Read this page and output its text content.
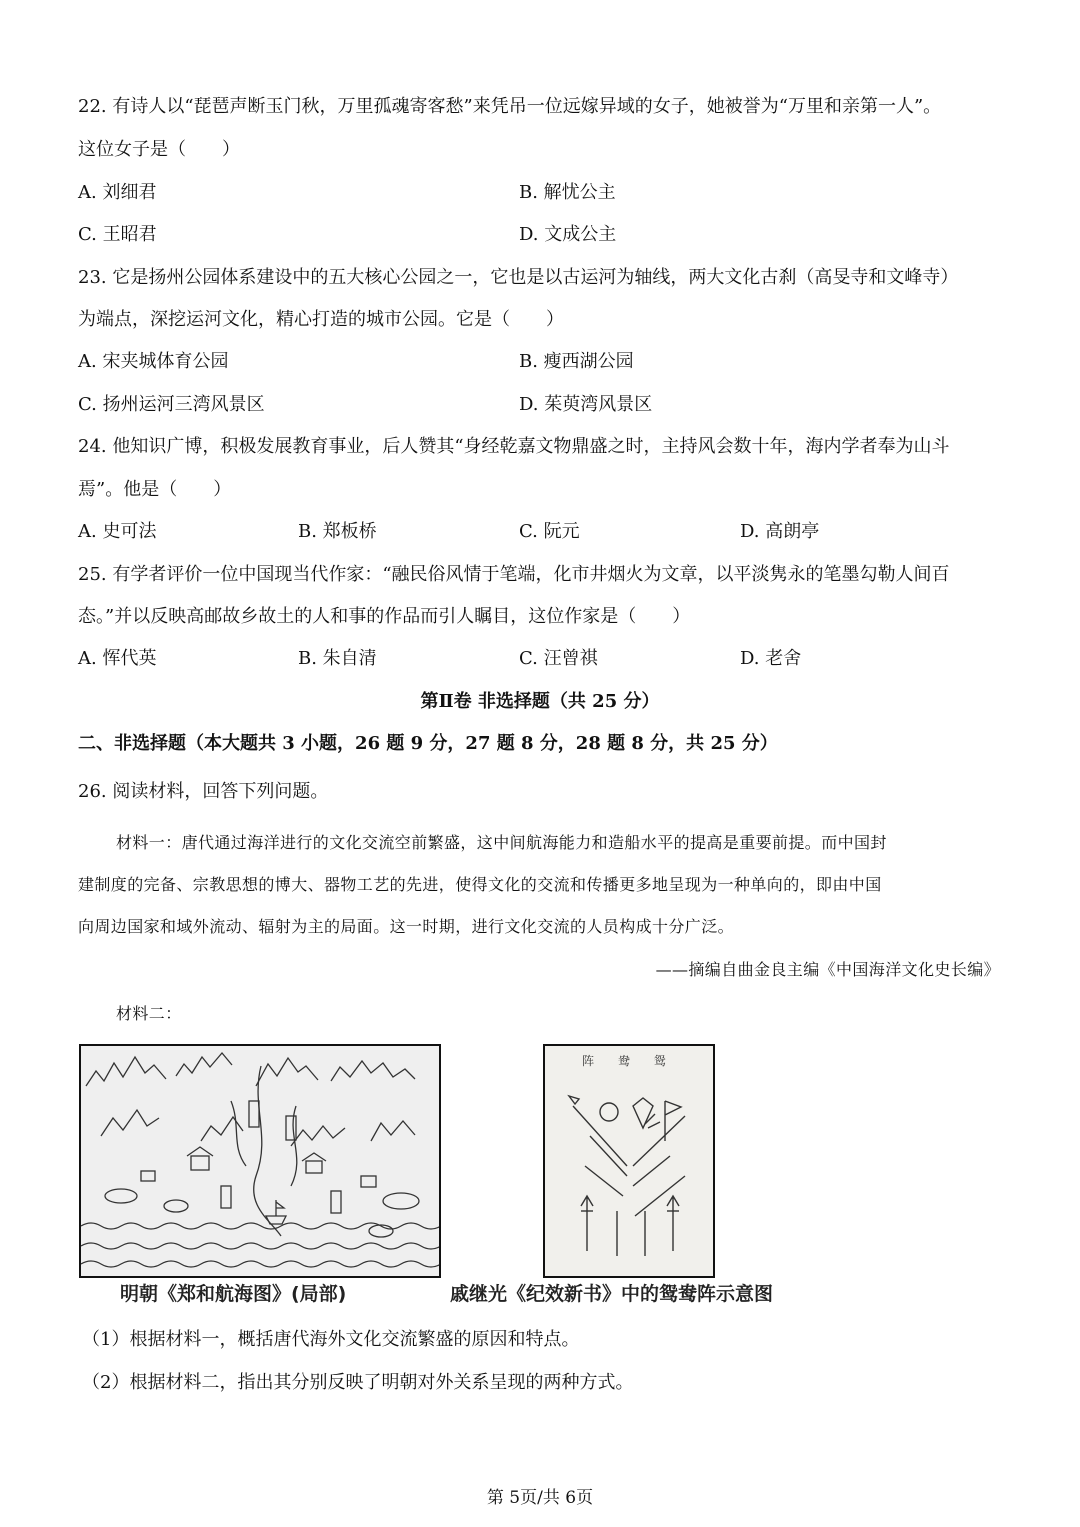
22. 有诗人以“琵琶声断玉门秋，万里孤魂寄客愁”来凭吊一位远嫁异域的女子，她被誉为“万里和亲第一人”。
这位女子是（　　）
A. 刘细君	B. 解忧公主
C. 王昭君	D. 文成公主
23. 它是扬州公园体系建设中的五大核心公园之一，它也是以古运河为轴线，两大文化古刹（高旻寺和文峰寺）
为端点，深挖运河文化，精心打造的城市公园。它是（　　）
A. 宋夹城体育公园	B. 瘦西湖公园
C. 扬州运河三湾风景区	D. 茱萸湾风景区
24. 他知识广博，积极发展教育事业，后人赞其“身经乾嘉文物鼎盛之时，主持风会数十年，海内学者奉为山斗
焉”。他是（　　）
A. 史可法	B. 郑板桥	C. 阮元	D. 高朗亭
25. 有学者评价一位中国现当代作家：“融民俗风情于笔端，化市井烟火为文章，以平淡隽永的笔墨勾勒人间百
态。”并以反映高邮故乡故土的人和事的作品而引人瞩目，这位作家是（　　）
A. 恽代英	B. 朱自清	C. 汪曾祺	D. 老舍
第Ⅱ卷 非选择题（共 25 分）
二、非选择题（本大题共 3 小题，26 题 9 分，27 题 8 分，28 题 8 分，共 25 分）
26. 阅读材料，回答下列问题。
材料一：唐代通过海洋进行的文化交流空前繁盛，这中间航海能力和造船水平的提高是重要前提。而中国封
建制度的完备、宗教思想的博大、器物工艺的先进，使得文化的交流和传播更多地呈现为一种单向的，即由中国
向周边国家和域外流动、辐射为主的局面。这一时期，进行文化交流的人员构成十分广泛。
——摘编自曲金良主编《中国海洋文化史长编》
材料二：
阵 鸯 鸳
明朝《郑和航海图》(局部)	戚继光《纪效新书》中的鸳鸯阵示意图
（1）根据材料一，概括唐代海外文化交流繁盛的原因和特点。
（2）根据材料二，指出其分别反映了明朝对外关系呈现的两种方式。
第 5页/共 6页
